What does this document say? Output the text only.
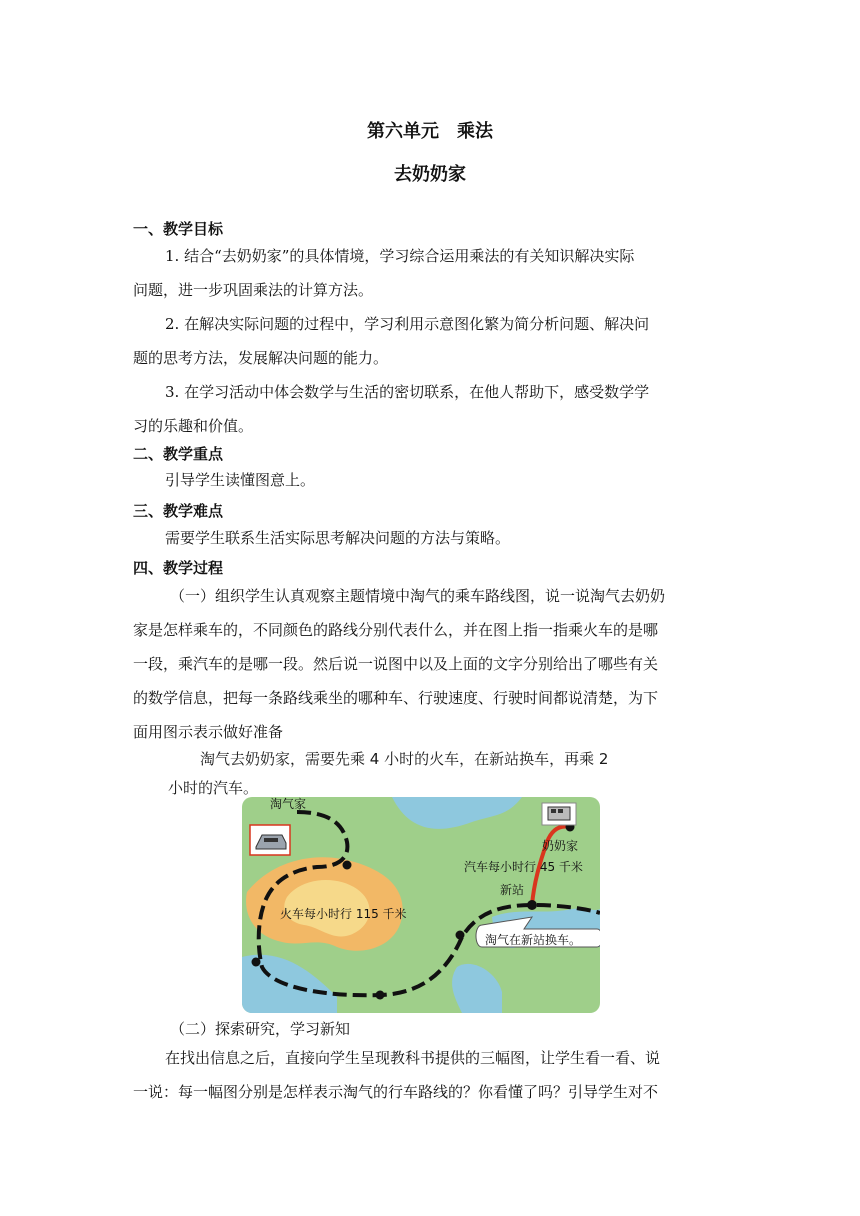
第六单元　乘法
去奶奶家
一、教学目标
1. 结合“去奶奶家”的具体情境，学习综合运用乘法的有关知识解决实际
问题，进一步巩固乘法的计算方法。
2. 在解决实际问题的过程中，学习利用示意图化繁为简分析问题、解决问
题的思考方法，发展解决问题的能力。
3. 在学习活动中体会数学与生活的密切联系，在他人帮助下，感受数学学
习的乐趣和价值。
二、教学重点
引导学生读懂图意上。
三、教学难点
需要学生联系生活实际思考解决问题的方法与策略。
四、教学过程
（一）组织学生认真观察主题情境中淘气的乘车路线图，说一说淘气去奶奶
家是怎样乘车的，不同颜色的路线分别代表什么，并在图上指一指乘火车的是哪
一段，乘汽车的是哪一段。然后说一说图中以及上面的文字分别给出了哪些有关
的数学信息，把每一条路线乘坐的哪种车、行驶速度、行驶时间都说清楚，为下
面用图示表示做好准备
淘气去奶奶家，需要先乘 4 小时的火车，在新站换车，再乘 2
小时的汽车。
淘气家
奶奶家
汽车每小时行 45 千米
新站
火车每小时行 115 千米
淘气在新站换车。
（二）探索研究，学习新知
在找出信息之后，直接向学生呈现教科书提供的三幅图，让学生看一看、说
一说：每一幅图分别是怎样表示淘气的行车路线的？你看懂了吗？引导学生对不
